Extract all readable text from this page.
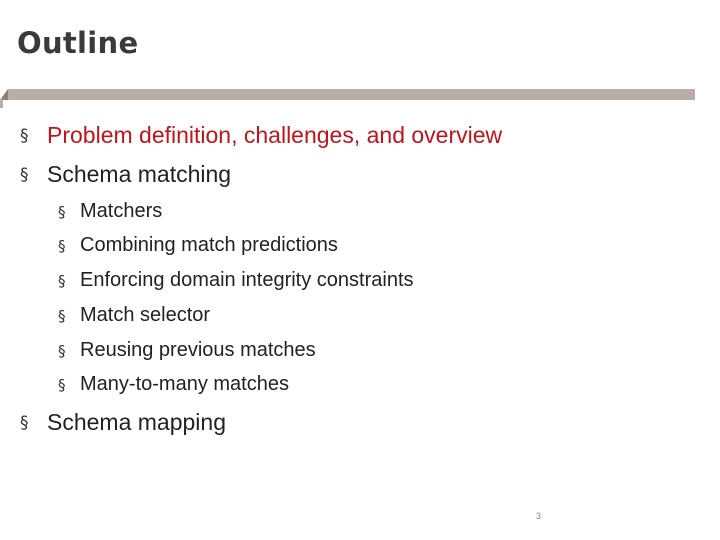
Outline
§ Problem definition, challenges, and overview
§ Schema matching
§ Matchers
§ Combining match predictions
§ Enforcing domain integrity constraints
§ Match selector
§ Reusing previous matches
§ Many-to-many matches
§ Schema mapping
3
